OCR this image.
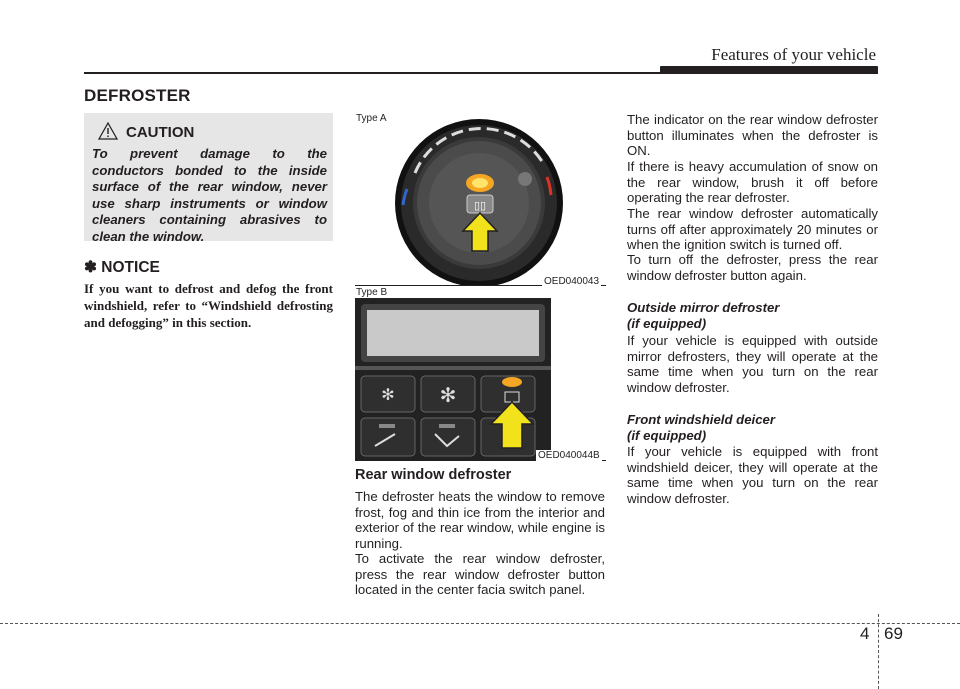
Features of your vehicle
DEFROSTER
CAUTION
To prevent damage to the conductors bonded to the inside surface of the rear window, never use sharp instruments or window cleaners containing abrasives to clean the window.
✽ NOTICE
If you want to defrost and defog the front windshield, refer to “Windshield defrosting and defogging” in this section.
Type A
▯▯
OED040043
Type B
✻ ✻
OED040044B
Rear window defroster

The defroster heats the window to remove frost, fog and thin ice from the interior and exterior of the rear window, while engine is running.

To activate the rear window defroster, press the rear window defroster button located in the center facia switch panel.

The indicator on the rear window defroster button illuminates when the defroster is ON.

If there is heavy accumulation of snow on the rear window, brush it off before operating the rear defroster.

The rear window defroster automatically turns off after approximately 20 minutes or when the ignition switch is turned off.

To turn off the defroster, press the rear window defroster button again.

Outside mirror defroster
(if equipped)

If your vehicle is equipped with outside mirror defrosters, they will operate at the same time when you turn on the rear window defroster.

Front windshield deicer
(if equipped)

If your vehicle is equipped with front windshield deicer, they will operate at the same time when you turn on the rear window defroster.

4 69
